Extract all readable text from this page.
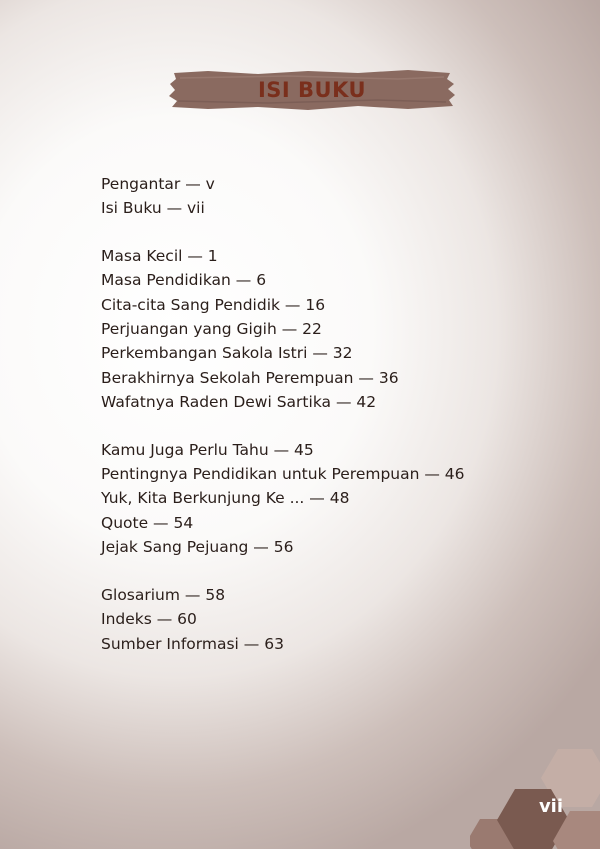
ISI BUKU
Pengantar — v
Isi Buku — vii
Masa Kecil — 1
Masa Pendidikan — 6
Cita-cita Sang Pendidik — 16
Perjuangan yang Gigih — 22
Perkembangan Sakola Istri — 32
Berakhirnya Sekolah Perempuan — 36
Wafatnya Raden Dewi Sartika — 42
Kamu Juga Perlu Tahu — 45
Pentingnya Pendidikan untuk Perempuan — 46
Yuk, Kita Berkunjung Ke ... — 48
Quote — 54
Jejak Sang Pejuang — 56
Glosarium — 58
Indeks — 60
Sumber Informasi — 63
vii
